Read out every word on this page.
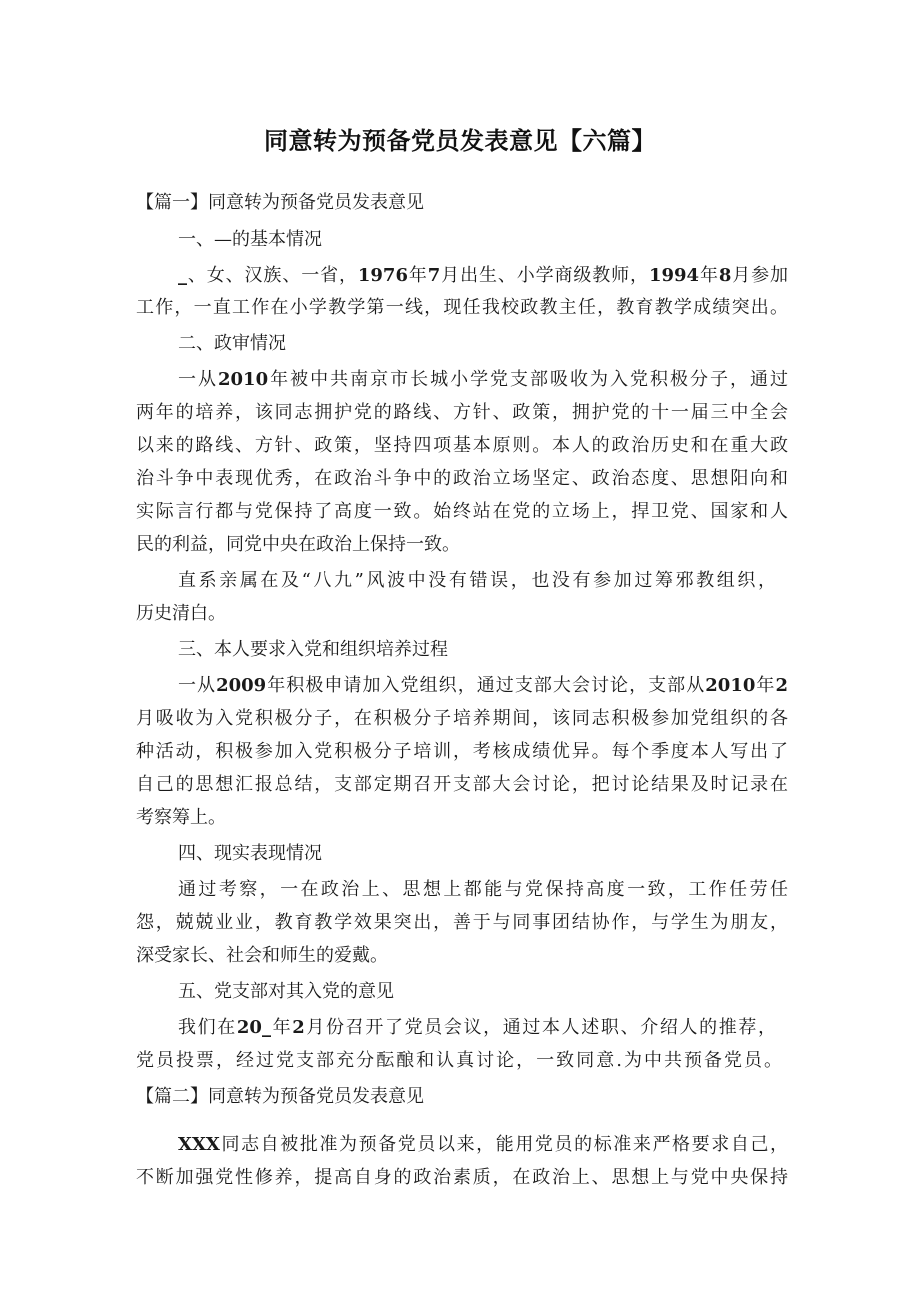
同意转为预备党员发表意见【六篇】
【篇一】同意转为预备党员发表意见
一、—的基本情况
_、女、汉族、一省，1976年7月出生、小学商级教师，1994年8月参加
工作，一直工作在小学教学第一线，现任我校政教主任，教育教学成绩突出。
二、政审情况
一从2010年被中共南京市长城小学党支部吸收为入党积极分子，通过
两年的培养，该同志拥护党的路线、方针、政策，拥护党的十一届三中全会
以来的路线、方针、政策，坚持四项基本原则。本人的政治历史和在重大政
治斗争中表现优秀，在政治斗争中的政治立场坚定、政治态度、思想阳向和
实际言行都与党保持了高度一致。始终站在党的立场上，捍卫党、国家和人
民的利益，同党中央在政治上保持一致。
直系亲属在及“八九”风波中没有错误，也没有参加过筹邪教组织，
历史清白。
三、本人要求入党和组织培养过程
一从2009年积极申请加入党组织，通过支部大会讨论，支部从2010年2
月吸收为入党积极分子，在积极分子培养期间，该同志积极参加党组织的各
种活动，积极参加入党积极分子培训，考核成绩优异。每个季度本人写出了
自己的思想汇报总结，支部定期召开支部大会讨论，把讨论结果及时记录在
考察筹上。
四、现实表现情况
通过考察，一在政治上、思想上都能与党保持高度一致，工作任劳任
怨，兢兢业业，教育教学效果突出，善于与同事团结协作，与学生为朋友，
深受家长、社会和师生的爱戴。
五、党支部对其入党的意见
我们在20_年2月份召开了党员会议，通过本人述职、介绍人的推荐，
党员投票，经过党支部充分酝酿和认真讨论，一致同意.为中共预备党员。
【篇二】同意转为预备党员发表意见
XXX同志自被批准为预备党员以来，能用党员的标准来严格要求自己，
不断加强党性修养，提高自身的政治素质，在政治上、思想上与党中央保持
